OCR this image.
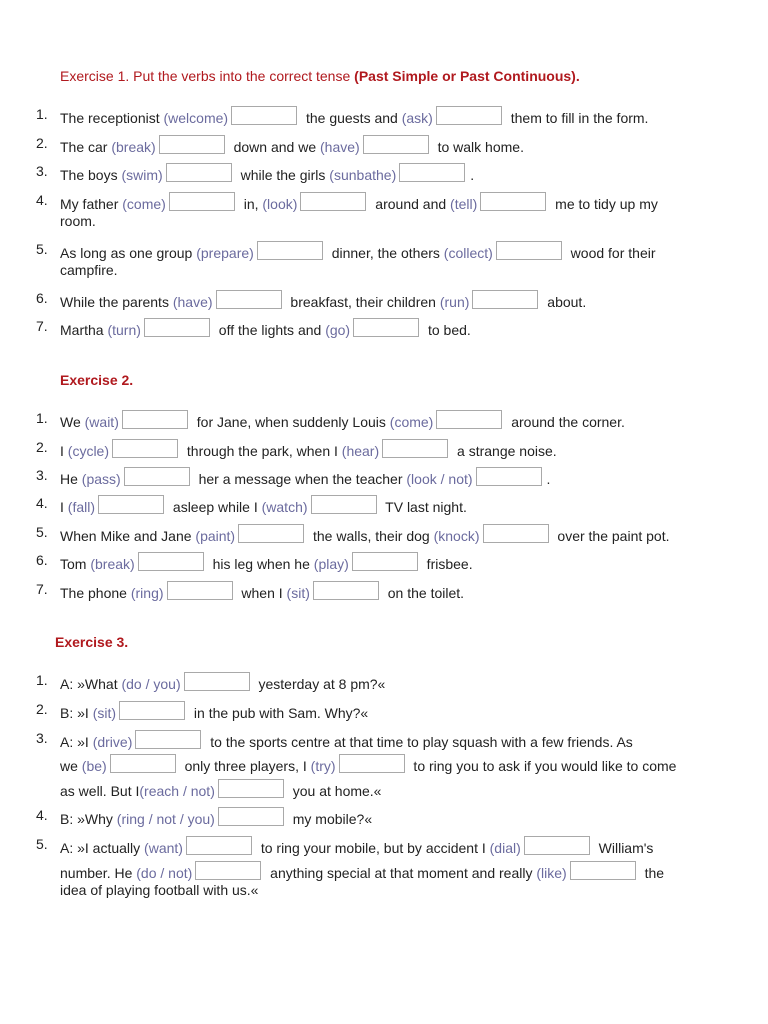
Exercise 1. Put the verbs into the correct tense (Past Simple or Past Continuous).
1. The receptionist (welcome)	the guests and (ask)	them to fill in the form.
2. The car (break)	down and we (have)	to walk home.
3. The boys (swim)	while the girls (sunbathe)	.
4. My father (come)	in, (look)	around and (tell)	me to tidy up my
room.
5. As long as one group (prepare)	dinner, the others (collect)	wood for their
campfire.
6. While the parents (have)	breakfast, their children (run)	about.
7. Martha (turn)	off the lights and (go)	to bed.
Exercise 2.
1. We (wait)	for Jane, when suddenly Louis (come)	around the corner.
2. I (cycle)	through the park, when I (hear)	a strange noise.
3. He (pass)	her a message when the teacher (look / not)	.
4. I (fall)	asleep while I (watch)	TV last night.
5. When Mike and Jane (paint)	the walls, their dog (knock)	over the paint pot.
6. Tom (break)	his leg when he (play)	frisbee.
7. The phone (ring)	when I (sit)	on the toilet.
Exercise 3.
1. A: »What (do / you)	yesterday at 8 pm?«
2. B: »I (sit)	in the pub with Sam. Why?«
3. A: »I (drive)	to the sports centre at that time to play squash with a few friends. As
we (be)	only three players, I (try)	to ring you to ask if you would like to come
as well. But I(reach / not)	you at home.«
4. B: »Why (ring / not / you)	my mobile?«
5. A: »I actually (want)	to ring your mobile, but by accident I (dial)	William's
number. He (do / not)	anything special at that moment and really (like)	the
idea of playing football with us.«
